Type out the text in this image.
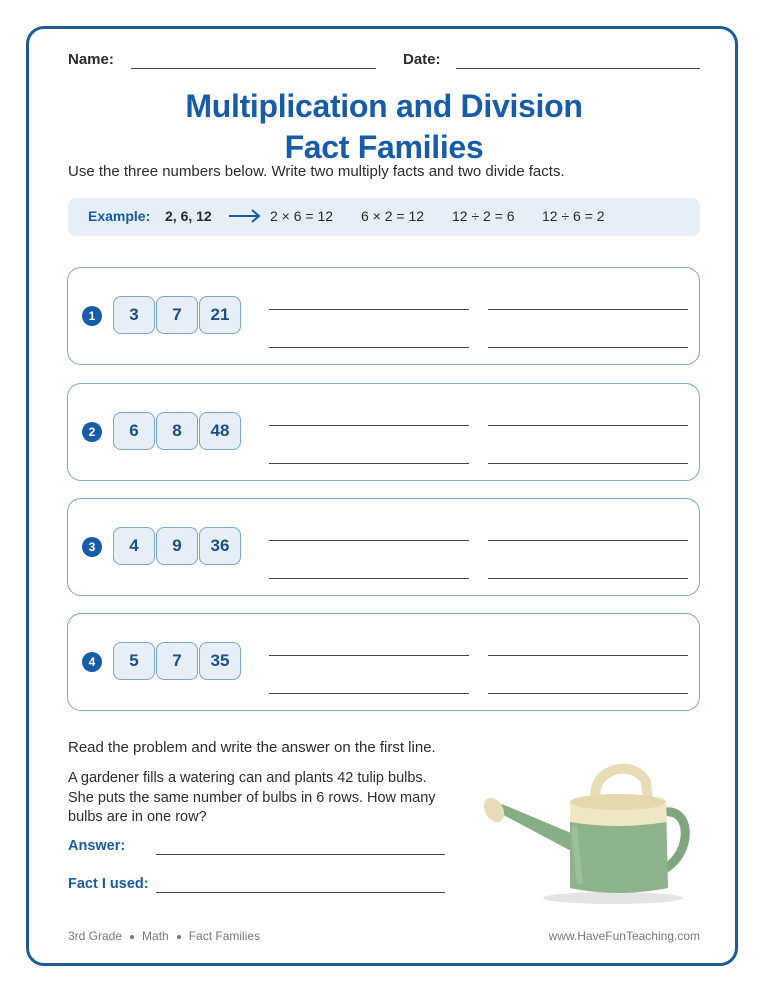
Name:	Date:
Multiplication and Division
Fact Families
Use the three numbers below. Write two multiply facts and two divide facts.
Example: 2, 6, 12	2 × 6 = 12 6 × 2 = 12 12 ÷ 2 = 6 12 ÷ 6 = 2
1	3	7	21
2	6	8	48
3	4	9	36
4	5	7	35
Read the problem and write the answer on the first line.
A gardener fills a watering can and plants 42 tulip bulbs. She puts the same number of bulbs in 6 rows. How many bulbs are in one row?
Answer:
Fact I used:
3rd Grade Math Fact Families	www.HaveFunTeaching.com
